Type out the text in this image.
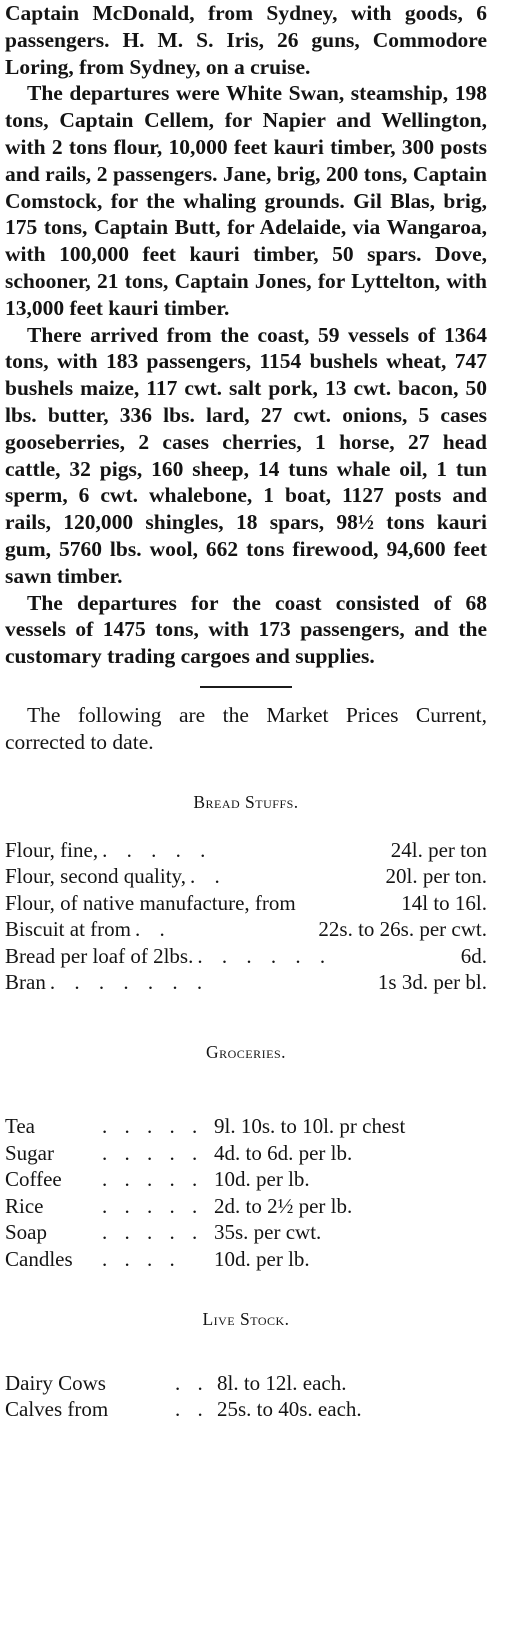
Captain McDonald, from Sydney, with goods, 6 passengers. H. M. S. Iris, 26 guns, Commodore Loring, from Sydney, on a cruise.

The departures were White Swan, steamship, 198 tons, Captain Cellem, for Napier and Wellington, with 2 tons flour, 10,000 feet kauri timber, 300 posts and rails, 2 passengers. Jane, brig, 200 tons, Captain Comstock, for the whaling grounds. Gil Blas, brig, 175 tons, Captain Butt, for Adelaide, via Wangaroa, with 100,000 feet kauri timber, 50 spars. Dove, schooner, 21 tons, Captain Jones, for Lyttelton, with 13,000 feet kauri timber.

There arrived from the coast, 59 vessels of 1364 tons, with 183 passengers, 1154 bushels wheat, 747 bushels maize, 117 cwt. salt pork, 13 cwt. bacon, 50 lbs. butter, 336 lbs. lard, 27 cwt. onions, 5 cases gooseberries, 2 cases cherries, 1 horse, 27 head cattle, 32 pigs, 160 sheep, 14 tuns whale oil, 1 tun sperm, 6 cwt. whalebone, 1 boat, 1127 posts and rails, 120,000 shingles, 18 spars, 98½ tons kauri gum, 5760 lbs. wool, 662 tons firewood, 94,600 feet sawn timber.

The departures for the coast consisted of 68 vessels of 1475 tons, with 173 passengers, and the customary trading cargoes and supplies.

The following are the Market Prices Current, corrected to date.

Bread Stuffs.

Flour, fine, . . . . .	24l. per ton
Flour, second quality, . .	20l. per ton.
Flour, of native manufacture, from	14l to 16l.
Biscuit at from . .	22s. to 26s. per cwt.
Bread per loaf of 2lbs. . . . . . .	6d.
Bran . . . . . . .	1s 3d. per bl.

Groceries.

Tea	. . . . . 9l. 10s. to 10l. pr chest
Sugar	. . . . . 4d. to 6d. per lb.
Coffee	. . . . . 10d. per lb.
Rice	. . . . . 2d. to 2½ per lb.
Soap	. . . . . 35s. per cwt.
Candles	. . . .	10d. per lb.

Live Stock.

Dairy Cows	. . 8l. to 12l. each.
Calves from	. . 25s. to 40s. each.
